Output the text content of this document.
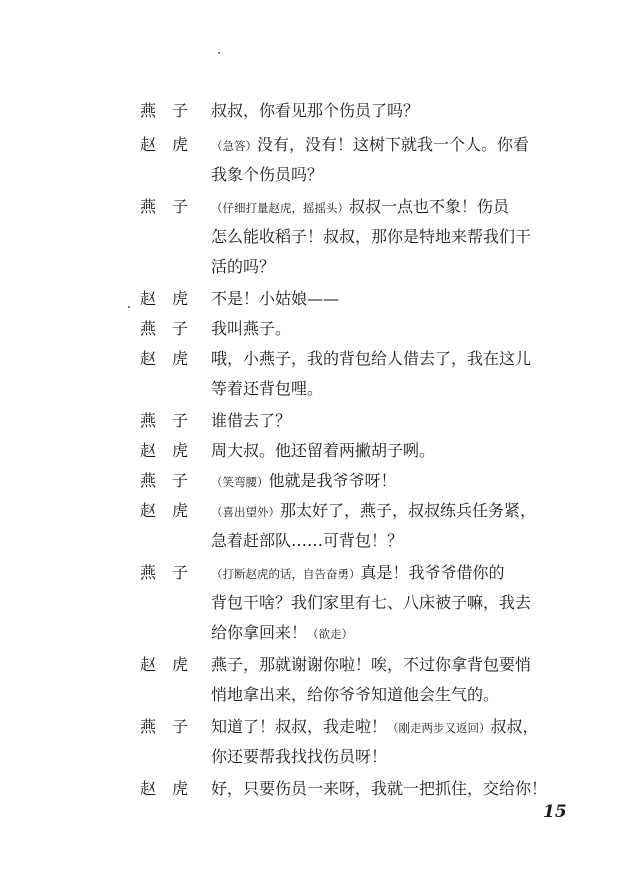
燕子 叔叔，你看见那个伤员了吗？
赵虎 （急答）没有，没有！这树下就我一个人。你看
我象个伤员吗？
燕子 （仔细打量赵虎，摇摇头）叔叔一点也不象！伤员
怎么能收稻子！叔叔，那你是特地来帮我们干
活的吗？
赵虎 不是！小姑娘——
燕子 我叫燕子。
赵虎 哦，小燕子，我的背包给人借去了，我在这儿
等着还背包哩。
燕子 谁借去了？
赵虎 周大叔。他还留着两撇胡子咧。
燕子 （笑弯腰）他就是我爷爷呀！
赵虎 （喜出望外）那太好了，燕子，叔叔练兵任务紧，
急着赶部队……可背包！？
燕子 （打断赵虎的话，自告奋勇）真是！我爷爷借你的
背包干啥？我们家里有七、八床被子嘛，我去
给你拿回来！（欲走）
赵虎 燕子，那就谢谢你啦！唉，不过你拿背包要悄
悄地拿出来，给你爷爷知道他会生气的。
燕子 知道了！叔叔，我走啦！（刚走两步又返回）叔叔，
你还要帮我找找伤员呀！
赵虎 好，只要伤员一来呀，我就一把抓住，交给你！
15
